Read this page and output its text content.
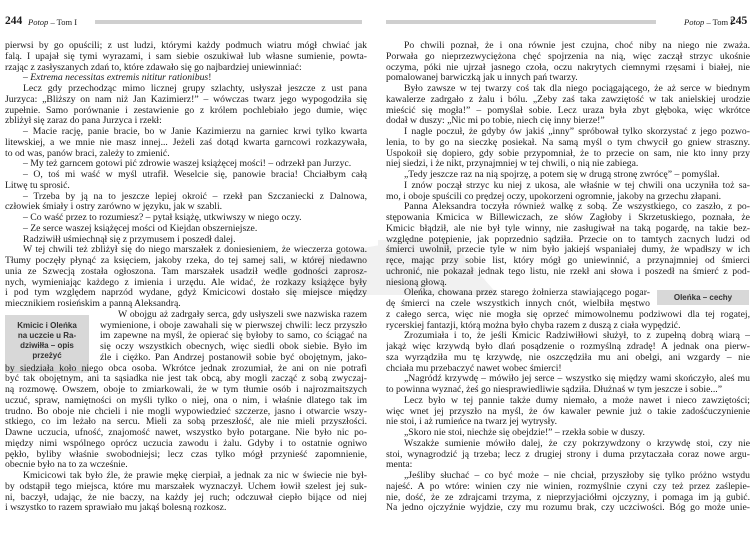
244 Potop – Tom I
Kmicic i Oleńka
na uczcie u Ra-
dziwiłła – opis
przeżyć
pierwsi by go opuścili; z ust ludzi, którymi każdy podmuch wiatru mógł chwiać jak
falą. I upajał się tymi wyrazami, i sam siebie oszukiwał lub własne sumienie, powta-
rzając z zasłyszanych zdań to, które zdawało się go najbardziej uniewinniać:
– Extrema necessitas extremis nititur rationibus!
Lecz gdy przechodząc mimo licznej grupy szlachty, usłyszał jeszcze z ust pana
Jurzyca: „Bliższy on nam niż Jan Kazimierz!” – wówczas twarz jego wypogodziła się
zupełnie. Samo porównanie i zestawienie go z królem pochlebiało jego dumie, więc
zbliżył się zaraz do pana Jurzyca i rzekł:
– Macie rację, panie bracie, bo w Janie Kazimierzu na garniec krwi tylko kwarta
litewskiej, a we mnie nie masz innej... Jeżeli zaś dotąd kwarta garncowi rozkazywała,
to od was, panów braci, zależy to zmienić.
– My też garncem gotowi pić zdrowie waszej książęcej mości! – odrzekł pan Jurzyc.
– O, toś mi waść w myśl utrafił. Weselcie się, panowie bracia! Chciałbym całą
Litwę tu sprosić.
– Trzeba by ją na to jeszcze lepiej okroić – rzekł pan Szczaniecki z Dalnowa,
człowiek śmiały i ostry zarówno w języku, jak w szabli.
– Co waść przez to rozumiesz? – pytał książę, utkwiwszy w niego oczy.
– Że serce waszej książęcej mości od Kiejdan obszerniejsze.
Radziwiłł uśmiechnął się z przymusem i poszedł dalej.
W tej chwili też zbliżył się do niego marszałek z doniesieniem, że wieczerza gotowa.
Tłumy poczęły płynąć za księciem, jakoby rzeka, do tej samej sali, w której niedawno
unia ze Szwecją została ogłoszona. Tam marszałek usadził wedle godności zaprosz-
nych, wymieniając każdego z imienia i urzędu. Ale widać, że rozkazy książęce były
i pod tym względem naprzód wydane, gdyż Kmicicowi dostało się miejsce między
miecznikiem rosieńskim a panną Aleksandrą.
W obojgu aż zadrgały serca, gdy usłyszeli swe nazwiska razem
wymienione, i oboje zawahali się w pierwszej chwili: lecz przyszło
im zapewne na myśl, że opierać się byłoby to samo, co ściągać na
się oczy wszystkich obecnych, więc siedli obok siebie. Było im
źle i ciężko. Pan Andrzej postanowił sobie być obojętnym, jako-
by siedziała koło niego obca osoba. Wkrótce jednak zrozumiał, że ani on nie potrafi
być tak obojętnym, ani ta sąsiadka nie jest tak obcą, aby mogli zacząć z sobą zwyczaj-
ną rozmowę. Owszem, oboje to zmiarkowali, że w tym tłumie osób i najrozmaitszych
uczuć, spraw, namiętności on myśli tylko o niej, ona o nim, i właśnie dlatego tak im
trudno. Bo oboje nie chcieli i nie mogli wypowiedzieć szczerze, jasno i otwarcie wszy-
stkiego, co im leżało na sercu. Mieli za sobą przeszłość, ale nie mieli przyszłości.
Dawne uczucia, ufność, znajomość nawet, wszystko było potargane. Nie było nic po-
między nimi wspólnego oprócz uczucia zawodu i żalu. Gdyby i to ostatnie ogniwo
pękło, byliby właśnie swobodniejsi; lecz czas tylko mógł przynieść zapomnienie,
obecnie było na to za wcześnie.
Kmicicowi tak było źle, że prawie mękę cierpiał, a jednak za nic w świecie nie był-
by odstąpił tego miejsca, które mu marszałek wyznaczył. Uchem łowił szelest jej suk-
ni, baczył, udając, że nie baczy, na każdy jej ruch; odczuwał ciepło bijące od niej
i wszystko to razem sprawiało mu jakąś bolesną rozkosz.
Potop – Tom I
245
Oleńka – cechy
Po chwili poznał, że i ona równie jest czujna, choć niby na niego nie zważa.
Porwała go nieprzezwyciężona chęć spojrzenia na nią, więc zaczął strzyc ukośnie
oczyma, póki nie ujrzał jasnego czoła, oczu nakrytych ciemnymi rzęsami i białej, nie
pomalowanej barwiczką jak u innych pań twarzy.
Było zawsze w tej twarzy coś tak dla niego pociągającego, że aż serce w biednym
kawalerze zadrgało z żalu i bólu. „Żeby zaś taka zawziętość w tak anielskiej urodzie
mieścić się mogła!” – pomyślał sobie. Lecz uraza była zbyt głęboka, więc wkrótce
dodał w duszy: „Nic mi po tobie, niech cię inny bierze!”
I nagle poczuł, że gdyby ów jakiś „inny” spróbował tylko skorzystać z jego pozwo-
lenia, to by go na sieczkę posiekał. Na samą myśl o tym chwycił go gniew straszny.
Uspokoił się dopiero, gdy sobie przypomniał, że to przecie on sam, nie kto inny przy
niej siedzi, i że nikt, przynajmniej w tej chwili, o nią nie zabiega.
„Tedy jeszcze raz na nią spojrzę, a potem się w drugą stronę zwrócę” – pomyślał.
I znów począł strzyc ku niej z ukosa, ale właśnie w tej chwili ona uczyniła toż sa-
mo, i oboje spuścili co prędzej oczy, upokorzeni ogromnie, jakoby na grzechu złapani.
Panna Aleksandra toczyła również walkę z sobą. Ze wszystkiego, co zaszło, z po-
stępowania Kmicica w Billewiczach, ze słów Zagłoby i Skrzetuskiego, poznała, że
Kmicic błądził, ale nie był tyle winny, nie zasługiwał na taką pogardę, na takie bez-
względne potępienie, jak poprzednio sądziła. Przecie on to tamtych zacnych ludzi od
śmierci uwolnił, przecie tyle w nim było jakiejś wspaniałej dumy, że wpadłszy w ich
ręce, mając przy sobie list, który mógł go uniewinnić, a przynajmniej od śmierci
uchronić, nie pokazał jednak tego listu, nie rzekł ani słowa i poszedł na śmierć z pod-
niesioną głową.
Oleńka, chowana przez starego żołnierza stawiającego pogar-
dę śmierci na czele wszystkich innych cnót, wielbiła męstwo
z całego serca, więc nie mogła się oprzeć mimowolnemu podziwowi dla tej rogatej,
rycerskiej fantazji, którą można było chyba razem z duszą z ciała wypędzić.
Zrozumiała i to, że jeśli Kmicic Radziwiłłowi służył, to z zupełną dobrą wiarą –
jakąż więc krzywdą było dlań posądzenie o rozmyślną zdradę! A jednak ona pierw-
sza wyrządziła mu tę krzywdę, nie oszczędziła mu ani obelgi, ani wzgardy – nie
chciała mu przebaczyć nawet wobec śmierci!
„Nagródź krzywdę – mówiło jej serce – wszystko się między wami skończyło, aleś mu
to powinna wyznać, żeś go niesprawiedliwie sądziła. Dłużnaś w tym jeszcze i sobie...”
Lecz było w tej pannie także dumy niemało, a może nawet i nieco zawziętości;
więc wnet jej przyszło na myśl, że ów kawaler pewnie już o takie zadośćuczynienie
nie stoi, i aż rumieńce na twarz jej wytrysły.
„Skoro nie stoi, niechże się obejdzie!” – rzekła sobie w duszy.
Wszakże sumienie mówiło dalej, że czy pokrzywdzony o krzywdę stoi, czy nie
stoi, wynagrodzić ją trzeba; lecz z drugiej strony i duma przytaczała coraz nowe argu-
menta:
„Jeśliby słuchać – co być może – nie chciał, przyszłoby się tylko próżno wstydu
najeść. A po wtóre: winien czy nie winien, rozmyślnie czyni czy też przez zaślepie-
nie, dość, że ze zdrajcami trzyma, z nieprzyjaciółmi ojczyzny, i pomaga im ją gubić.
Na jedno ojczyźnie wyjdzie, czy mu rozumu brak, czy uczciwości. Bóg go może unie-
